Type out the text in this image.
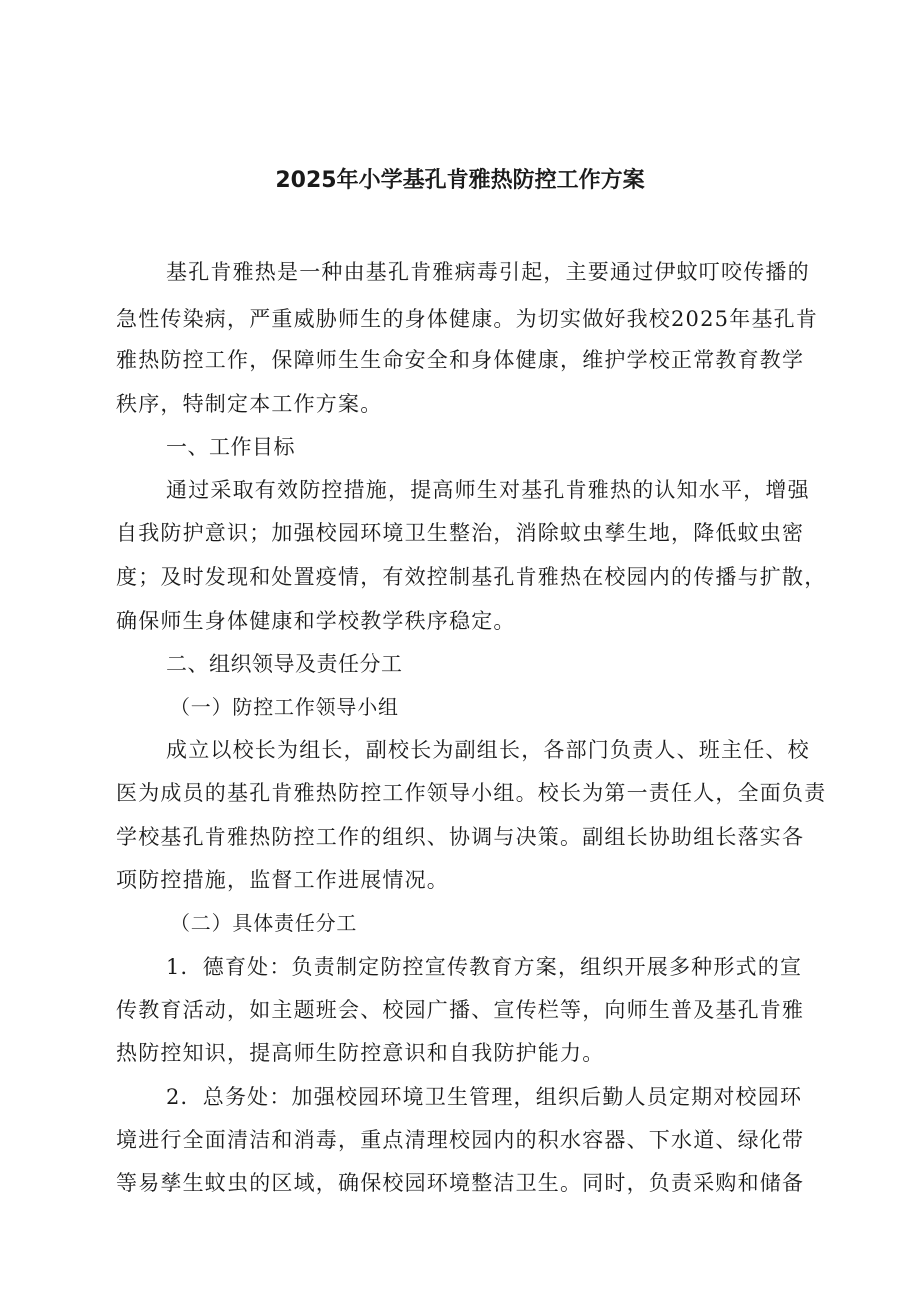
2025年小学基孔肯雅热防控工作方案
基孔肯雅热是一种由基孔肯雅病毒引起，主要通过伊蚊叮咬传播的
急性传染病，严重威胁师生的身体健康。为切实做好我校2025年基孔肯
雅热防控工作，保障师生生命安全和身体健康，维护学校正常教育教学
秩序，特制定本工作方案。
一、工作目标
通过采取有效防控措施，提高师生对基孔肯雅热的认知水平，增强
自我防护意识；加强校园环境卫生整治，消除蚊虫孳生地，降低蚊虫密
度；及时发现和处置疫情，有效控制基孔肯雅热在校园内的传播与扩散，
确保师生身体健康和学校教学秩序稳定。
二、组织领导及责任分工
（一）防控工作领导小组
成立以校长为组长，副校长为副组长，各部门负责人、班主任、校
医为成员的基孔肯雅热防控工作领导小组。校长为第一责任人，全面负责
学校基孔肯雅热防控工作的组织、协调与决策。副组长协助组长落实各
项防控措施，监督工作进展情况。
（二）具体责任分工
1．德育处：负责制定防控宣传教育方案，组织开展多种形式的宣
传教育活动，如主题班会、校园广播、宣传栏等，向师生普及基孔肯雅
热防控知识，提高师生防控意识和自我防护能力。
2．总务处：加强校园环境卫生管理，组织后勤人员定期对校园环
境进行全面清洁和消毒，重点清理校园内的积水容器、下水道、绿化带
等易孳生蚊虫的区域，确保校园环境整洁卫生。同时，负责采购和储备
